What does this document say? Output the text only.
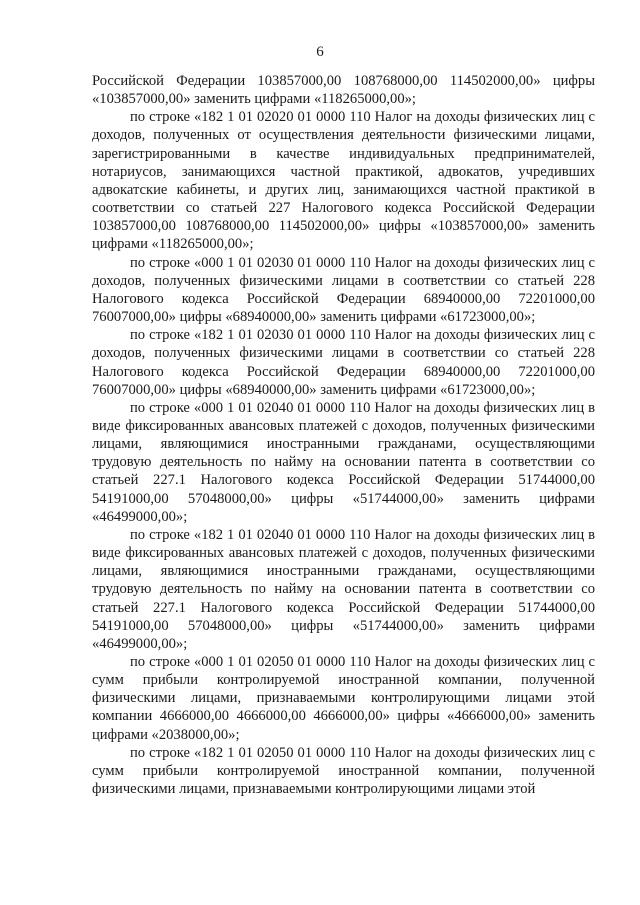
6

Российской Федерации 103857000,00 108768000,00 114502000,00» цифры «103857000,00» заменить цифрами «118265000,00»;

по строке «182 1 01 02020 01 0000 110 Налог на доходы физических лиц с доходов, полученных от осуществления деятельности физическими лицами, зарегистрированными в качестве индивидуальных предпринимателей, нотариусов, занимающихся частной практикой, адвокатов, учредивших адвокатские кабинеты, и других лиц, занимающихся частной практикой в соответствии со статьей 227 Налогового кодекса Российской Федерации 103857000,00 108768000,00 114502000,00» цифры «103857000,00» заменить цифрами «118265000,00»;

по строке «000 1 01 02030 01 0000 110 Налог на доходы физических лиц с доходов, полученных физическими лицами в соответствии со статьей 228 Налогового кодекса Российской Федерации 68940000,00 72201000,00 76007000,00» цифры «68940000,00» заменить цифрами «61723000,00»;

по строке «182 1 01 02030 01 0000 110 Налог на доходы физических лиц с доходов, полученных физическими лицами в соответствии со статьей 228 Налогового кодекса Российской Федерации 68940000,00 72201000,00 76007000,00» цифры «68940000,00» заменить цифрами «61723000,00»;

по строке «000 1 01 02040 01 0000 110 Налог на доходы физических лиц в виде фиксированных авансовых платежей с доходов, полученных физическими лицами, являющимися иностранными гражданами, осуществляющими трудовую деятельность по найму на основании патента в соответствии со статьей 227.1 Налогового кодекса Российской Федерации 51744000,00 54191000,00 57048000,00» цифры «51744000,00» заменить цифрами «46499000,00»;

по строке «182 1 01 02040 01 0000 110 Налог на доходы физических лиц в виде фиксированных авансовых платежей с доходов, полученных физическими лицами, являющимися иностранными гражданами, осуществляющими трудовую деятельность по найму на основании патента в соответствии со статьей 227.1 Налогового кодекса Российской Федерации 51744000,00 54191000,00 57048000,00» цифры «51744000,00» заменить цифрами «46499000,00»;

по строке «000 1 01 02050 01 0000 110 Налог на доходы физических лиц с сумм прибыли контролируемой иностранной компании, полученной физическими лицами, признаваемыми контролирующими лицами этой компании 4666000,00 4666000,00 4666000,00» цифры «4666000,00» заменить цифрами «2038000,00»;

по строке «182 1 01 02050 01 0000 110 Налог на доходы физических лиц с сумм прибыли контролируемой иностранной компании, полученной физическими лицами, признаваемыми контролирующими лицами этой
